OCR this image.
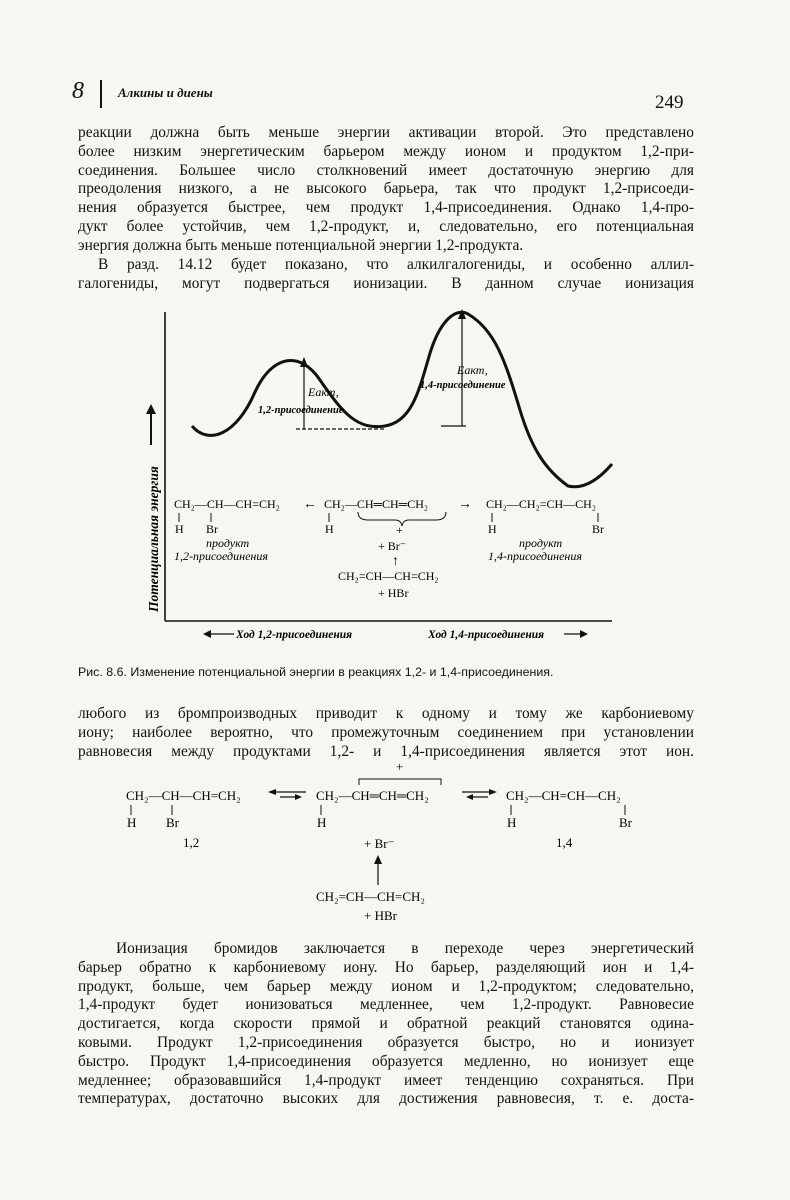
8	Алкины и диены	249
реакции должна быть меньше энергии активации второй. Это представлено
более низким энергетическим барьером между ионом и продуктом 1,2-при-
соединения. Большее число столкновений имеет достаточную энергию для
преодоления низкого, а не высокого барьера, так что продукт 1,2-присоеди-
нения образуется быстрее, чем продукт 1,4-присоединения. Однако 1,4-про-
дукт более устойчив, чем 1,2-продукт, и, следовательно, его потенциальная
энергия должна быть меньше потенциальной энергии 1,2-продукта.
В разд. 14.12 будет показано, что алкилгалогениды, и особенно аллил-
галогениды, могут подвергаться ионизации. В данном случае ионизация
Eакт,
1,2-присоединение
Eакт,
1,4-присоединение
Потенциальная энергия CH₂—CH—CH=CH₂
H Br
продукт
1,2-присоединения
← CH₂—CH═CH═CH₂
H	+
+ Br⁻
↑
CH₂=CH—CH=CH₂
+ HBr
→ CH₂—CH₂=CH—CH₂
H	Br
продукт
1,4-присоединения
Ход 1,2-присоединения	Ход 1,4-присоединения
Рис. 8.6. Изменение потенциальной энергии в реакциях 1,2- и 1,4-присоединения.
любого из бромпроизводных приводит к одному и тому же карбониевому
иону; наиболее вероятно, что промежуточным соединением при установлении
равновесия между продуктами 1,2- и 1,4-присоединения является этот ион.
CH₂—CH—CH=CH₂
H Br
1,2
+
CH₂—CH═CH═CH₂
H
+ Br⁻
CH₂—CH=CH—CH₂
H	Br
1,4
CH₂=CH—CH=CH₂
+ HBr
Ионизация бромидов заключается в переходе через энергетический
барьер обратно к карбониевому иону. Но барьер, разделяющий ион и 1,4-
продукт, больше, чем барьер между ионом и 1,2-продуктом; следовательно,
1,4-продукт будет ионизоваться медленнее, чем 1,2-продукт. Равновесие
достигается, когда скорости прямой и обратной реакций становятся одина-
ковыми. Продукт 1,2-присоединения образуется быстро, но и ионизует
быстро. Продукт 1,4-присоединения образуется медленно, но ионизует еще
медленнее; образовавшийся 1,4-продукт имеет тенденцию сохраняться. При
температурах, достаточно высоких для достижения равновесия, т. е. доста-
